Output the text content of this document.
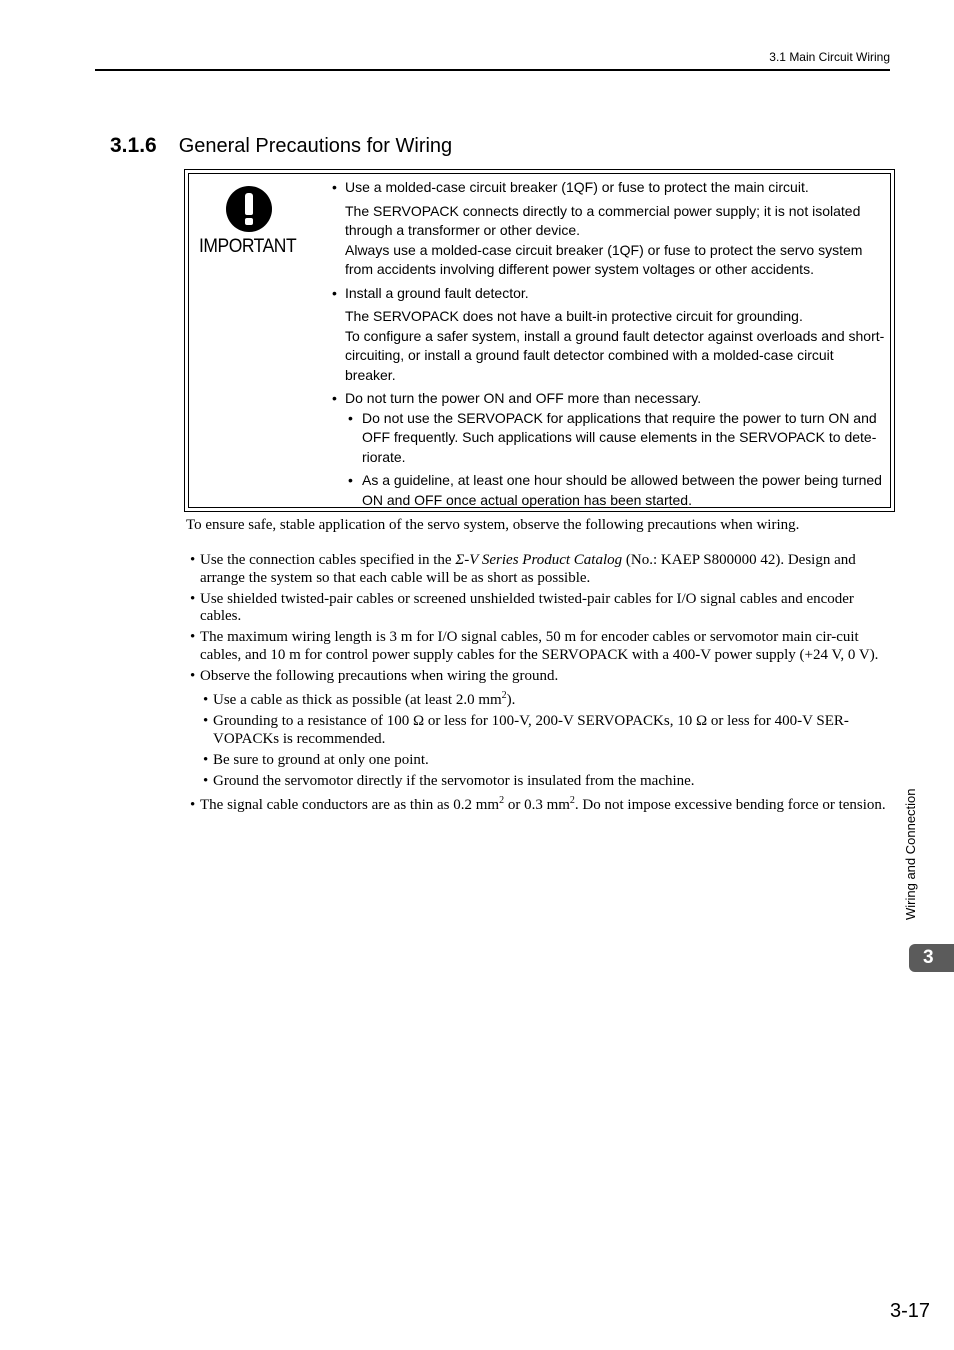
3.1 Main Circuit Wiring
3.1.6 General Precautions for Wiring
IMPORTANT
• Use a molded-case circuit breaker (1QF) or fuse to protect the main circuit.
The SERVOPACK connects directly to a commercial power supply; it is not isolated through a transformer or other device.
Always use a molded-case circuit breaker (1QF) or fuse to protect the servo system from accidents involving different power system voltages or other accidents.
• Install a ground fault detector.
The SERVOPACK does not have a built-in protective circuit for grounding.
To configure a safer system, install a ground fault detector against overloads and short-circuiting, or install a ground fault detector combined with a molded-case circuit breaker.
• Do not turn the power ON and OFF more than necessary.
• Do not use the SERVOPACK for applications that require the power to turn ON and OFF frequently. Such applications will cause elements in the SERVOPACK to dete-riorate.
• As a guideline, at least one hour should be allowed between the power being turned ON and OFF once actual operation has been started.
To ensure safe, stable application of the servo system, observe the following precautions when wiring.
• Use the connection cables specified in the Σ-V Series Product Catalog (No.: KAEP S800000 42). Design and arrange the system so that each cable will be as short as possible.
• Use shielded twisted-pair cables or screened unshielded twisted-pair cables for I/O signal cables and encoder cables.
• The maximum wiring length is 3 m for I/O signal cables, 50 m for encoder cables or servomotor main cir-cuit cables, and 10 m for control power supply cables for the SERVOPACK with a 400-V power supply (+24 V, 0 V).
• Observe the following precautions when wiring the ground.
• Use a cable as thick as possible (at least 2.0 $mm^2$).
• Grounding to a resistance of 100 Ω or less for 100-V, 200-V SERVOPACKs, 10 Ω or less for 400-V SER-VOPACKs is recommended.
• Be sure to ground at only one point.
• Ground the servomotor directly if the servomotor is insulated from the machine.
• The signal cable conductors are as thin as 0.2 $mm^2$ or 0.3 $mm^2$. Do not impose excessive bending force or tension.	Wiring and Connection
3
3-17
